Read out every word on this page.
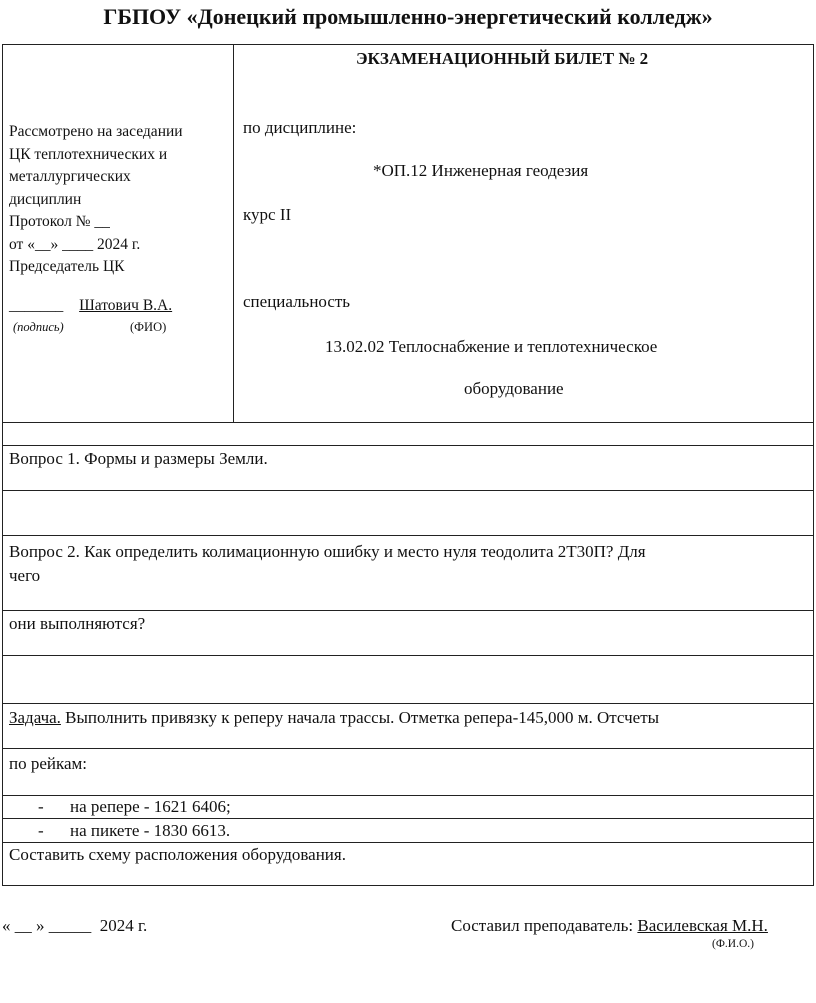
ГБПОУ «Донецкий промышленно-энергетический колледж»
Рассмотрено на заседании
ЦК теплотехнических и
металлургических
дисциплин
Протокол № __
от «__» ____ 2024 г.
Председатель ЦК
_______ Шатович В.А.
(подпись)	(ФИО)
ЭКЗАМЕНАЦИОННЫЙ БИЛЕТ № 2
по дисциплине:
*ОП.12 Инженерная геодезия
курс II
специальность
13.02.02 Теплоснабжение и теплотехническое
оборудование
Вопрос 1. Формы и размеры Земли.
Вопрос 2. Как определить колимационную ошибку и место нуля теодолита 2Т30П? Для
чего
они выполняются?
Задача. Выполнить привязку к реперу начала трассы. Отметка репера-145,000 м. Отсчеты
по рейкам:
- на репере - 1621 6406;
- на пикете - 1830 6613.
Составить схему расположения оборудования.
« __ » _____  2024 г.	Составил преподаватель: Василевская М.Н.
(Ф.И.О.)
